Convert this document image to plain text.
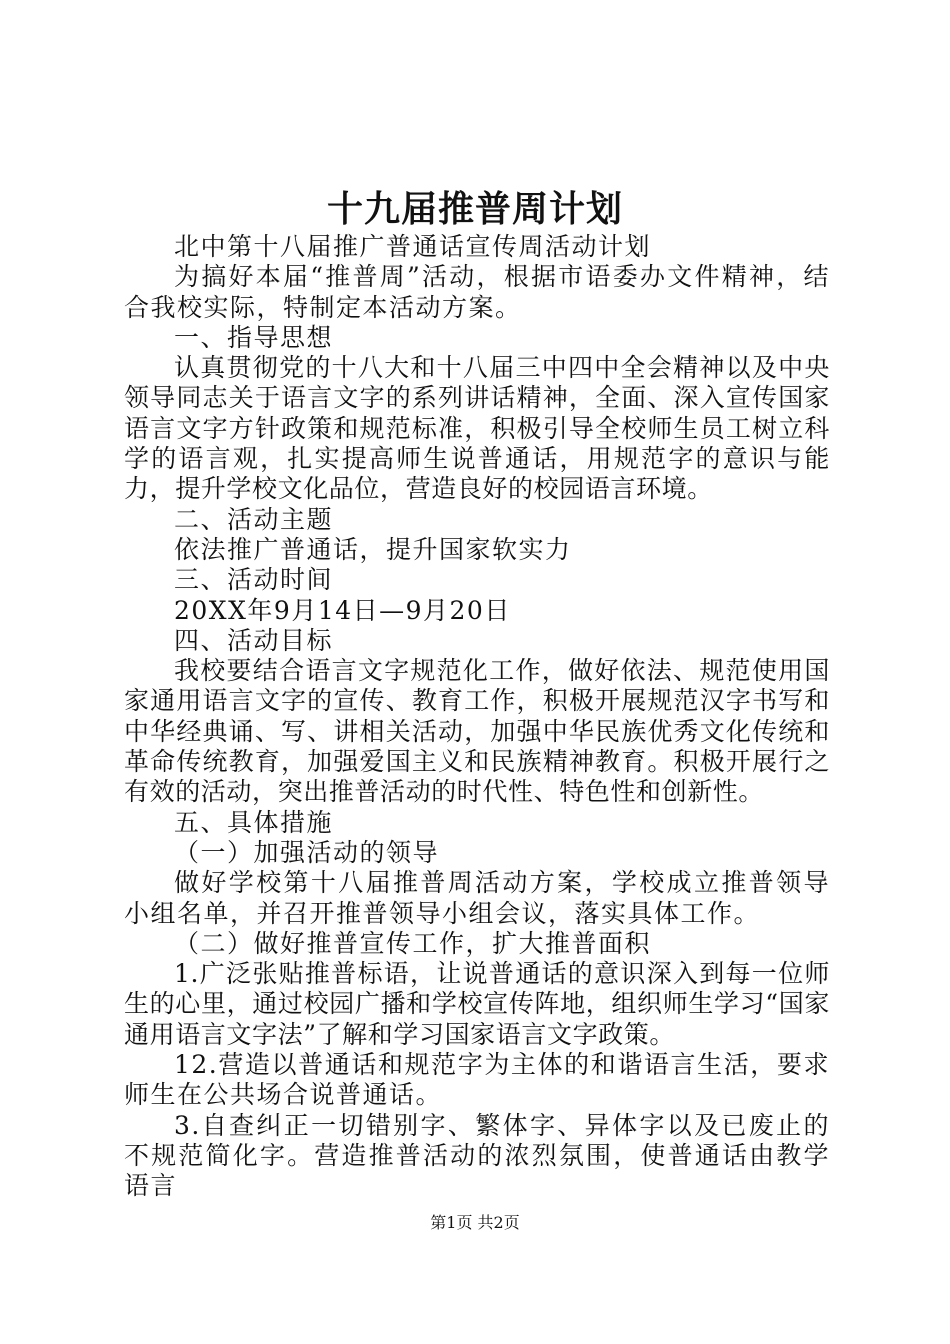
十九届推普周计划

北中第十八届推广普通话宣传周活动计划

为搞好本届“推普周”活动，根据市语委办文件精神，结合我校实际，特制定本活动方案。

一、指导思想

认真贯彻党的十八大和十八届三中四中全会精神以及中央领导同志关于语言文字的系列讲话精神，全面、深入宣传国家语言文字方针政策和规范标准，积极引导全校师生员工树立科学的语言观，扎实提高师生说普通话，用规范字的意识与能力，提升学校文化品位，营造良好的校园语言环境。

二、活动主题

依法推广普通话，提升国家软实力

三、活动时间

20XX年9月14日—9月20日

四、活动目标

我校要结合语言文字规范化工作，做好依法、规范使用国家通用语言文字的宣传、教育工作，积极开展规范汉字书写和中华经典诵、写、讲相关活动，加强中华民族优秀文化传统和革命传统教育，加强爱国主义和民族精神教育。积极开展行之有效的活动，突出推普活动的时代性、特色性和创新性。

五、具体措施

（一）加强活动的领导

做好学校第十八届推普周活动方案，学校成立推普领导小组名单，并召开推普领导小组会议，落实具体工作。

（二）做好推普宣传工作，扩大推普面积

1.广泛张贴推普标语，让说普通话的意识深入到每一位师生的心里，通过校园广播和学校宣传阵地，组织师生学习“国家通用语言文字法”了解和学习国家语言文字政策。

12.营造以普通话和规范字为主体的和谐语言生活，要求师生在公共场合说普通话。

3.自查纠正一切错别字、繁体字、异体字以及已废止的不规范简化字。营造推普活动的浓烈氛围，使普通话由教学语言

第1页 共2页
